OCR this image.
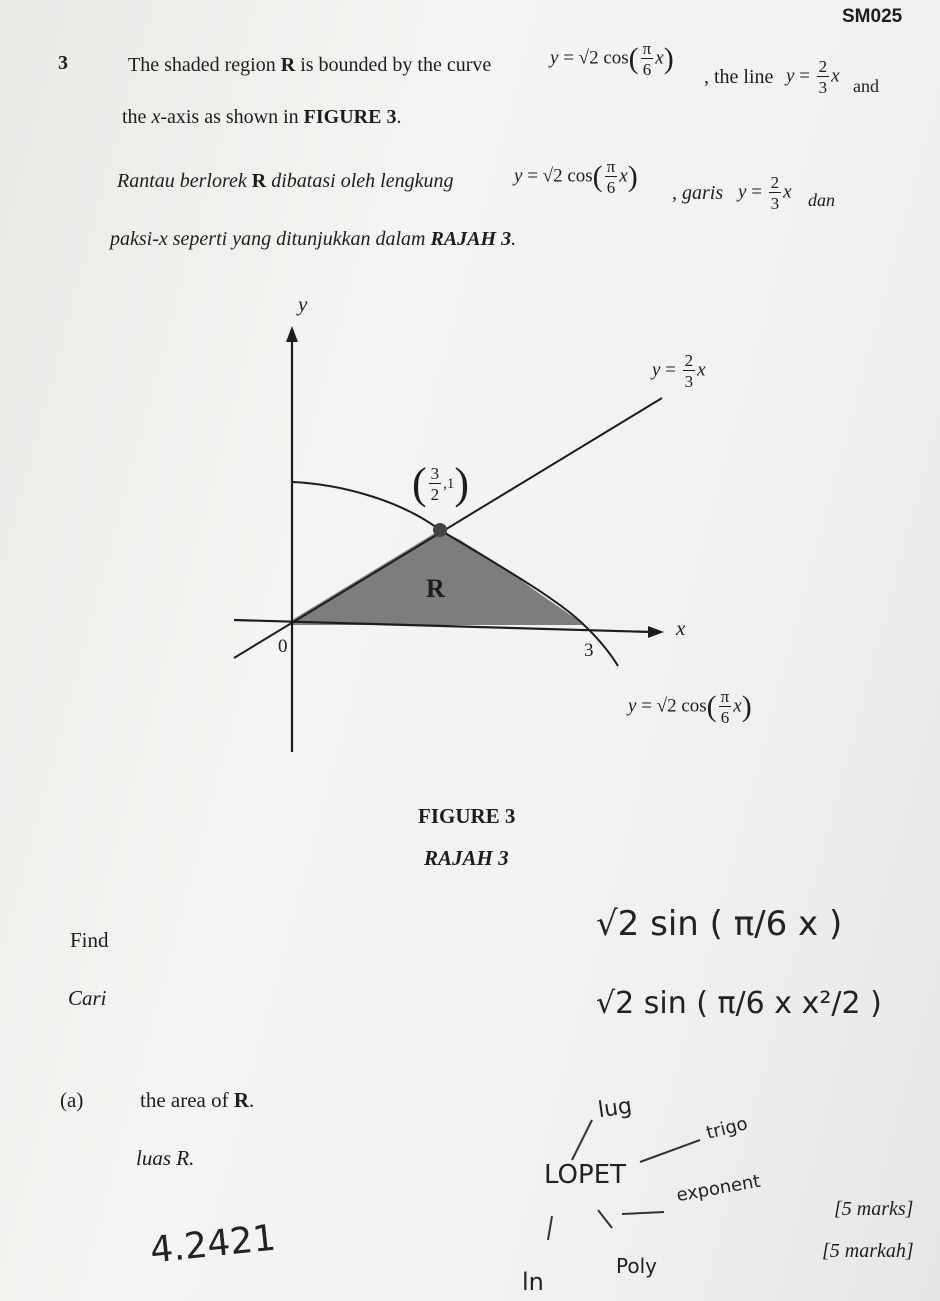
SM025
3	The shaded region R is bounded by the curve	y = √2 $\cos( \frac{\pi}{6} x)$
, the line $y = \frac{2}{3}$ x and
the x-axis as shown in FIGURE 3.
Rantau berlorek R dibatasi oleh lengkung	y = √2 $\cos( \frac{\pi}{6} x)$ , garis $y = \frac{2}{3}$ x dan
paksi-x seperti yang ditunjukkan dalam RAJAH 3.
y
x
0	3
R
$y = \frac{2}{3}$ x
( $\frac{3}{2} ,1$)
y = √2 $\cos( \frac{\pi}{6} x)$
FIGURE 3
RAJAH 3
Find
Cari
(a)	the area of R.
luas R.
[5 marks]
[5 markah]
√2 sin ( π/6 x )
√2 sin ( π/6 x x²/2 )
lug
trigo
LOPET	exponent
Poly
ln
4.2421
